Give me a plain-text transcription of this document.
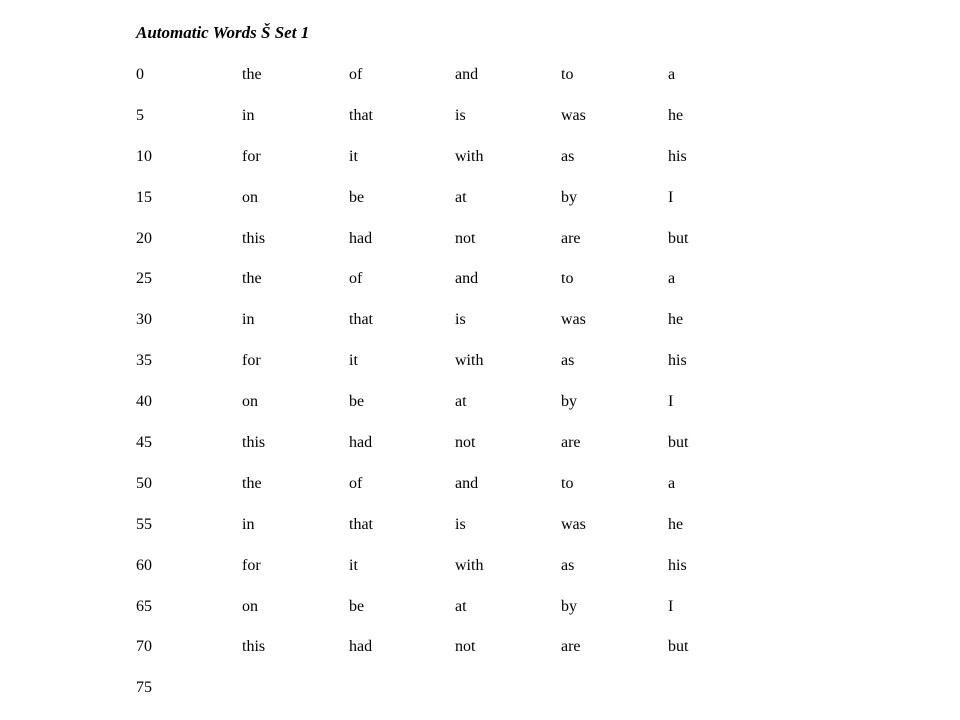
Automatic Words Š Set 1
0	the	of	and	to	a
5	in	that	is	was	he
10	for	it	with	as	his
15	on	be	at	by	I
20	this	had	not	are	but
25	the	of	and	to	a
30	in	that	is	was	he
35	for	it	with	as	his
40	on	be	at	by	I
45	this	had	not	are	but
50	the	of	and	to	a
55	in	that	is	was	he
60	for	it	with	as	his
65	on	be	at	by	I
70	this	had	not	are	but
75					
